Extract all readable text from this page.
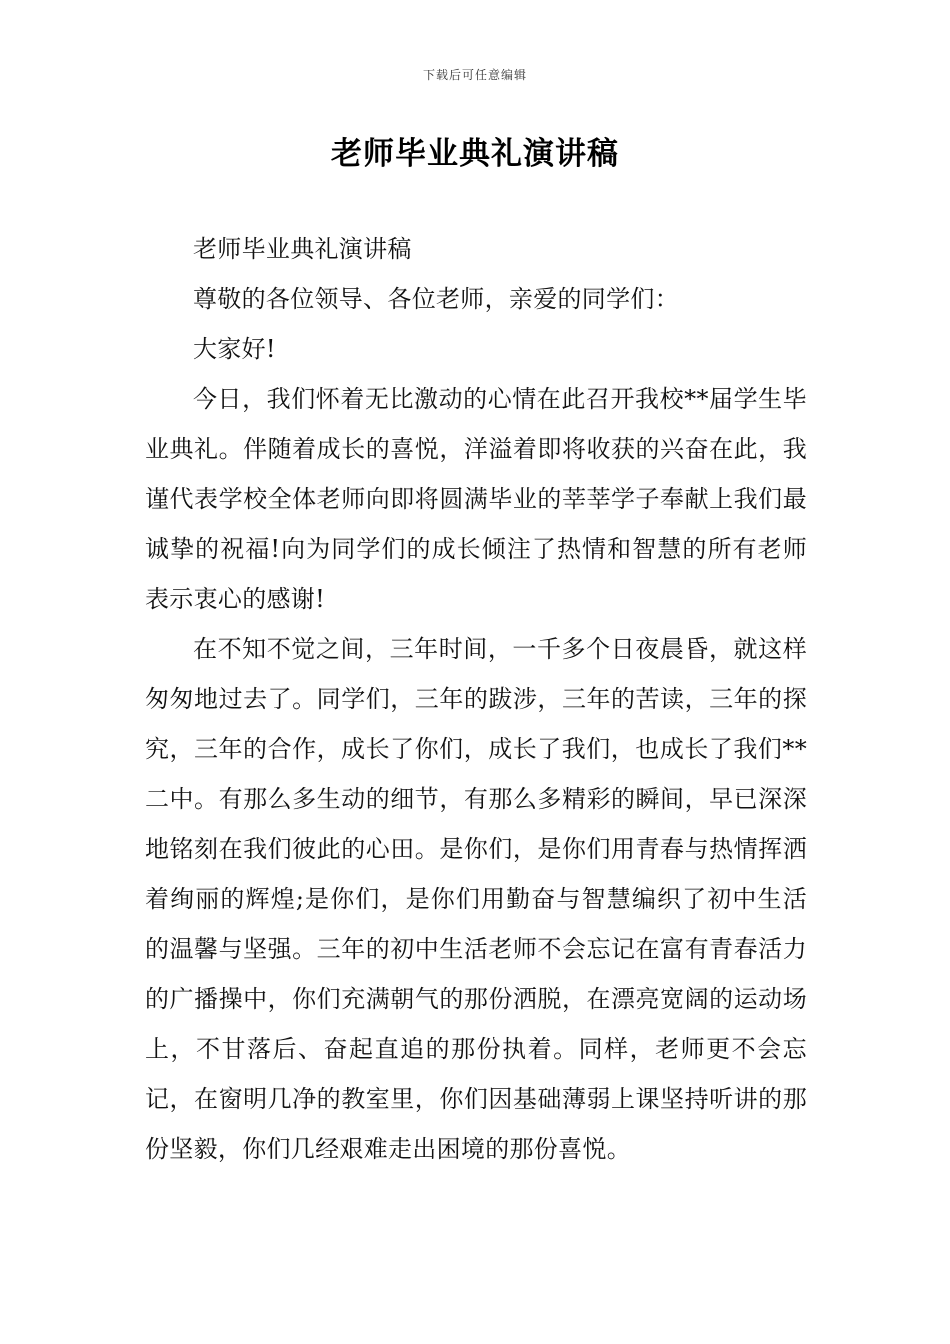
下载后可任意编辑
老师毕业典礼演讲稿

老师毕业典礼演讲稿

尊敬的各位领导、各位老师，亲爱的同学们：

大家好!

今日，我们怀着无比激动的心情在此召开我校**届学生毕业典礼。伴随着成长的喜悦，洋溢着即将收获的兴奋在此，我谨代表学校全体老师向即将圆满毕业的莘莘学子奉献上我们最诚挚的祝福!向为同学们的成长倾注了热情和智慧的所有老师表示衷心的感谢!

在不知不觉之间，三年时间，一千多个日夜晨昏，就这样匆匆地过去了。同学们，三年的跋涉，三年的苦读，三年的探究，三年的合作，成长了你们，成长了我们，也成长了我们**二中。有那么多生动的细节，有那么多精彩的瞬间，早已深深地铭刻在我们彼此的心田。是你们，是你们用青春与热情挥洒着绚丽的辉煌;是你们，是你们用勤奋与智慧编织了初中生活的温馨与坚强。三年的初中生活老师不会忘记在富有青春活力的广播操中，你们充满朝气的那份洒脱，在漂亮宽阔的运动场上，不甘落后、奋起直追的那份执着。同样，老师更不会忘记，在窗明几净的教室里，你们因基础薄弱上课坚持听讲的那份坚毅，你们几经艰难走出困境的那份喜悦。
